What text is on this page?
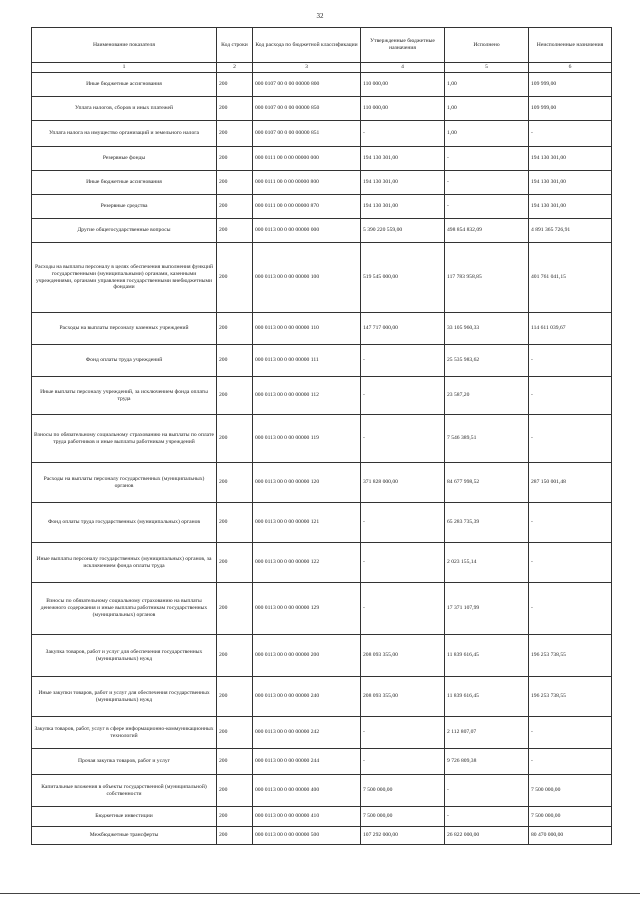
32
Наименование показателя	Код строки	Код расхода по бюджетной классификации	Утвержденные бюджетные назначения	Исполнено	Неисполненные назначения
1	2	3	4	5	6
Иные бюджетные ассигнования	200	000 0107 00 0 00 00000 800	110 000,00	1,00	109 999,00
Уплата налогов, сборов и иных платежей	200	000 0107 00 0 00 00000 850	110 000,00	1,00	109 999,00
Уплата налога на имущество организаций и земельного налога	200	000 0107 00 0 00 00000 851	-	1,00	-
Резервные фонды	200	000 0111 00 0 00 00000 000	194 130 301,00	-	194 130 301,00
Иные бюджетные ассигнования	200	000 0111 00 0 00 00000 800	194 130 301,00	-	194 130 301,00
Резервные средства	200	000 0111 00 0 00 00000 870	194 130 301,00	-	194 130 301,00
Другие общегосударственные вопросы	200	000 0113 00 0 00 00000 000	5 390 220 559,00	498 854 832,09	4 891 365 726,91
Расходы на выплаты персоналу в целях обеспечения выполнения функций государственными (муниципальными) органами, казенными учреждениями, органами управления государственными внебюджетными фондами	200	000 0113 00 0 00 00000 100	519 545 000,00	117 783 958,85	401 761 041,15
Расходы на выплаты персоналу казенных учреждений	200	000 0113 00 0 00 00000 110	147 717 000,00	33 105 960,33	114 611 039,67
Фонд оплаты труда учреждений	200	000 0113 00 0 00 00000 111	-	25 535 983,62	-
Иные выплаты персоналу учреждений, за исключением фонда оплаты труда	200	000 0113 00 0 00 00000 112	-	23 587,20	-
Взносы по обязательному социальному страхованию на выплаты по оплате труда работников и иные выплаты работникам учреждений	200	000 0113 00 0 00 00000 119	-	7 546 389,51	-
Расходы на выплаты персоналу государственных (муниципальных) органов	200	000 0113 00 0 00 00000 120	371 828 000,00	84 677 998,52	287 150 001,48
Фонд оплаты труда государственных (муниципальных) органов	200	000 0113 00 0 00 00000 121	-	65 283 735,39	-
Иные выплаты персоналу государственных (муниципальных) органов, за исключением фонда оплаты труда	200	000 0113 00 0 00 00000 122	-	2 023 155,14	-
Взносы по обязательному социальному страхованию на выплаты денежного содержания и иные выплаты работникам государственных (муниципальных) органов	200	000 0113 00 0 00 00000 129	-	17 371 107,99	-
Закупка товаров, работ и услуг для обеспечения государственных (муниципальных) нужд	200	000 0113 00 0 00 00000 200	208 093 355,00	11 839 616,45	196 253 738,55
Иные закупки товаров, работ и услуг для обеспечения государственных (муниципальных) нужд	200	000 0113 00 0 00 00000 240	208 093 355,00	11 839 616,45	196 253 738,55
Закупка товаров, работ, услуг в сфере информационно-коммуникационных технологий	200	000 0113 00 0 00 00000 242	-	2 112 807,07	-
Прочая закупка товаров, работ и услуг	200	000 0113 00 0 00 00000 244	-	9 726 809,38	-
Капитальные вложения в объекты государственной (муниципальной) собственности	200	000 0113 00 0 00 00000 400	7 500 000,00	-	7 500 000,00
Бюджетные инвестиции	200	000 0113 00 0 00 00000 410	7 500 000,00	-	7 500 000,00
Межбюджетные трансферты	200	000 0113 00 0 00 00000 500	107 292 000,00	26 822 000,00	80 470 000,00
